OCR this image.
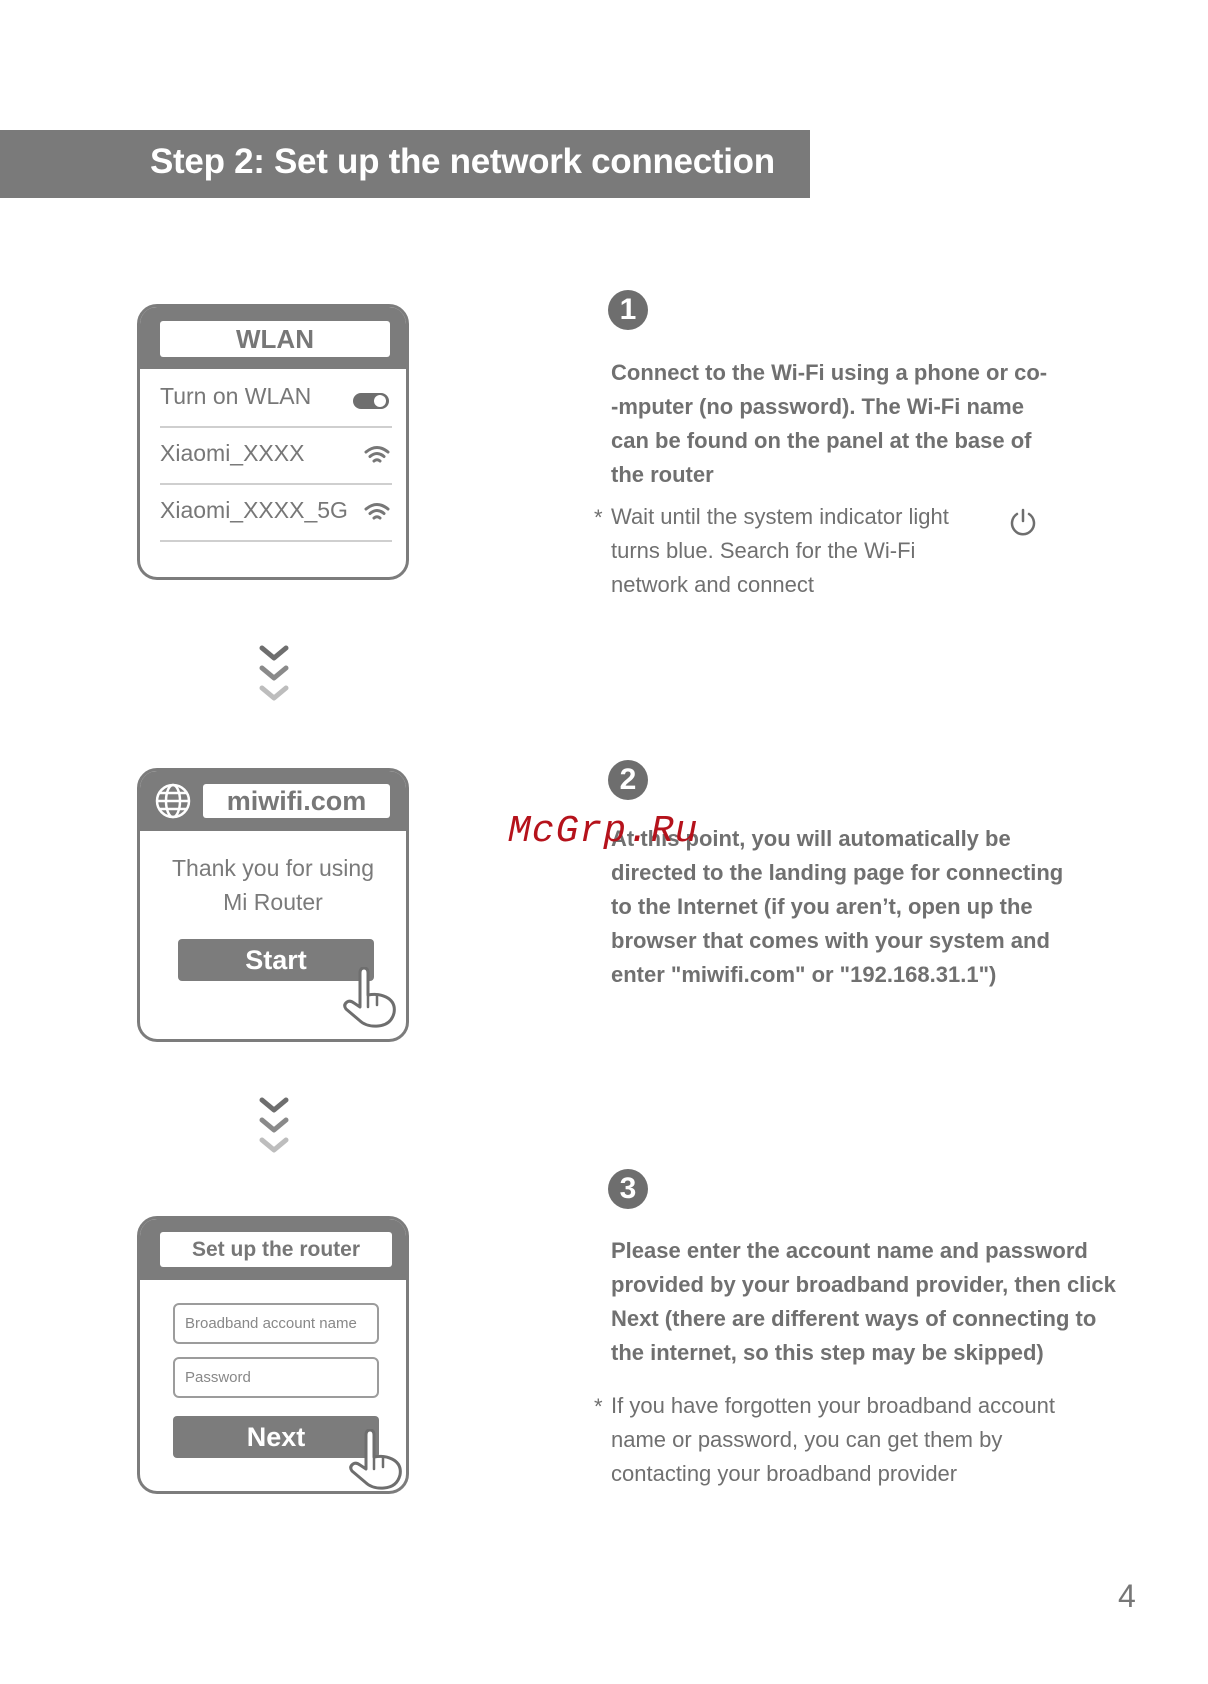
Step 2: Set up the network connection
WLAN
Turn on WLAN
Xiaomi_XXXX
Xiaomi_XXXX_5G
miwifi.com
Thank you for using
Mi Router
Start
Set up the router
Broadband account name
Password
Next
1
Connect to the Wi-Fi using a phone or co-
-mputer (no password). The Wi-Fi name
can be found on the panel at the base of
the router
* Wait until the system indicator light
turns blue. Search for the Wi-Fi
network and connect
2
At this point, you will automatically be
directed to the landing page for connecting
to the Internet (if you aren’t, open up the
browser that comes with your system and
enter "miwifi.com" or "192.168.31.1")
3
Please enter the account name and password
provided by your broadband provider, then click
Next (there are different ways of connecting to
the internet, so this step may be skipped)
* If you have forgotten your broadband account
name or password, you can get them by
contacting your broadband provider
McGrp.Ru
4
